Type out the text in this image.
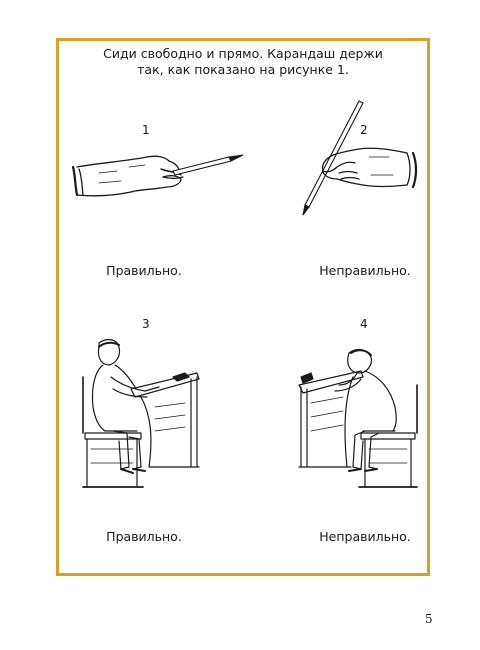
Сиди свободно и прямо. Карандаш держи

так, как показано на рисунке 1.

1
Правильно.
2
Неправильно.
3
Правильно.
4
Неправильно.
5
